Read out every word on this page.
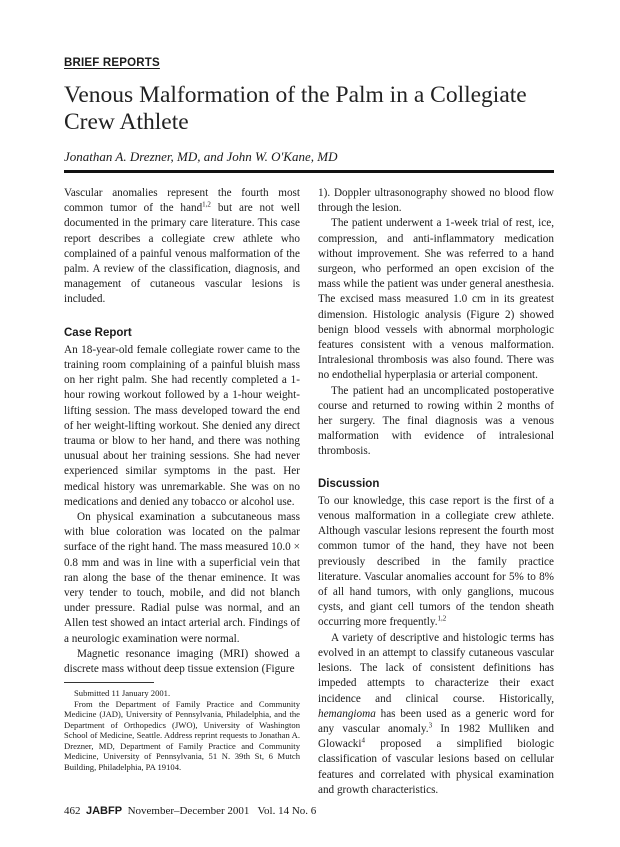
BRIEF REPORTS
Venous Malformation of the Palm in a Collegiate Crew Athlete
Jonathan A. Drezner, MD, and John W. O'Kane, MD

Vascular anomalies represent the fourth most common tumor of the hand$^{1,2}$ but are not well documented in the primary care literature. This case report describes a collegiate crew athlete who complained of a painful venous malformation of the palm. A review of the classification, diagnosis, and management of cutaneous vascular lesions is included.

Case Report

An 18-year-old female collegiate rower came to the training room complaining of a painful bluish mass on her right palm. She had recently completed a 1-hour rowing workout followed by a 1-hour weight-lifting session. The mass developed toward the end of her weight-lifting workout. She denied any direct trauma or blow to her hand, and there was nothing unusual about her training sessions. She had never experienced similar symptoms in the past. Her medical history was unremarkable. She was on no medications and denied any tobacco or alcohol use.

On physical examination a subcutaneous mass with blue coloration was located on the palmar surface of the right hand. The mass measured 10.0 × 0.8 mm and was in line with a superficial vein that ran along the base of the thenar eminence. It was very tender to touch, mobile, and did not blanch under pressure. Radial pulse was normal, and an Allen test showed an intact arterial arch. Findings of a neurologic examination were normal.

Magnetic resonance imaging (MRI) showed a discrete mass without deep tissue extension (Figure

1). Doppler ultrasonography showed no blood flow through the lesion.

The patient underwent a 1-week trial of rest, ice, compression, and anti-inflammatory medication without improvement. She was referred to a hand surgeon, who performed an open excision of the mass while the patient was under general anesthesia. The excised mass measured 1.0 cm in its greatest dimension. Histologic analysis (Figure 2) showed benign blood vessels with abnormal morphologic features consistent with a venous malformation. Intralesional thrombosis was also found. There was no endothelial hyperplasia or arterial component.

The patient had an uncomplicated postoperative course and returned to rowing within 2 months of her surgery. The final diagnosis was a venous malformation with evidence of intralesional thrombosis.

Discussion

To our knowledge, this case report is the first of a venous malformation in a collegiate crew athlete. Although vascular lesions represent the fourth most common tumor of the hand, they have not been previously described in the family practice literature. Vascular anomalies account for 5% to 8% of all hand tumors, with only ganglions, mucous cysts, and giant cell tumors of the tendon sheath occurring more frequently.$^{1,2}$

A variety of descriptive and histologic terms has evolved in an attempt to classify cutaneous vascular lesions. The lack of consistent definitions has impeded attempts to characterize their exact incidence and clinical course. Historically, hemangioma has been used as a generic word for any vascular anomaly.$^3$ In 1982 Mulliken and Glowacki$^4$ proposed a simplified biologic classification of vascular lesions based on cellular features and correlated with physical examination and growth characteristics.

Submitted 11 January 2001.

From the Department of Family Practice and Community Medicine (JAD), University of Pennsylvania, Philadelphia, and the Department of Orthopedics (JWO), University of Washington School of Medicine, Seattle. Address reprint requests to Jonathan A. Drezner, MD, Department of Family Practice and Community Medicine, University of Pennsylvania, 51 N. 39th St, 6 Mutch Building, Philadelphia, PA 19104.

462 JABFP November–December 2001   Vol. 14 No. 6
